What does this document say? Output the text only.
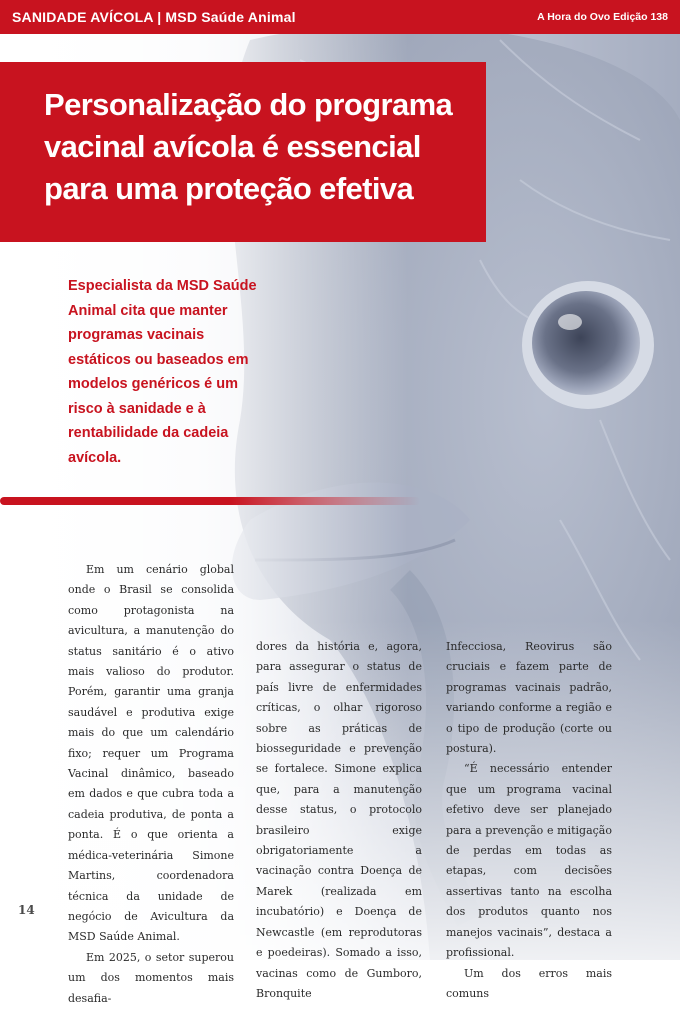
SANIDADE AVÍCOLA | MSD Saúde Animal	A Hora do Ovo Edição 138
Personalização do programa vacinal avícola é essencial para uma proteção efetiva

Especialista da MSD Saúde Animal cita que manter programas vacinais estáticos ou baseados em modelos genéricos é um risco à sanidade e à rentabilidade da cadeia avícola.

Em um cenário global onde o Brasil se consolida como protagonista na avicultura, a manutenção do status sanitário é o ativo mais valioso do produtor. Porém, garantir uma granja saudável e produtiva exige mais do que um calendário fixo; requer um Programa Vacinal dinâmico, baseado em dados e que cubra toda a cadeia produtiva, de ponta a ponta. É o que orienta a médica-veterinária Simone Martins, coordenadora técnica da unidade de negócio de Avicultura da MSD Saúde Animal.

Em 2025, o setor superou um dos momentos mais desafia-

dores da história e, agora, para assegurar o status de país livre de enfermidades críticas, o olhar rigoroso sobre as práticas de biosseguridade e prevenção se fortalece. Simone explica que, para a manutenção desse status, o protocolo brasileiro exige obrigatoriamente a vacinação contra Doença de Marek (realizada em incubatório) e Doença de Newcastle (em reprodutoras e poedeiras). Somado a isso, vacinas como de Gumboro, Bronquite

Infecciosa, Reovirus são cruciais e fazem parte de programas vacinais padrão, variando conforme a região e o tipo de produção (corte ou postura).

“É necessário entender que um programa vacinal efetivo deve ser planejado para a prevenção e mitigação de perdas em todas as etapas, com decisões assertivas tanto na escolha dos produtos quanto nos manejos vacinais”, destaca a profissional.

Um dos erros mais comuns

14
